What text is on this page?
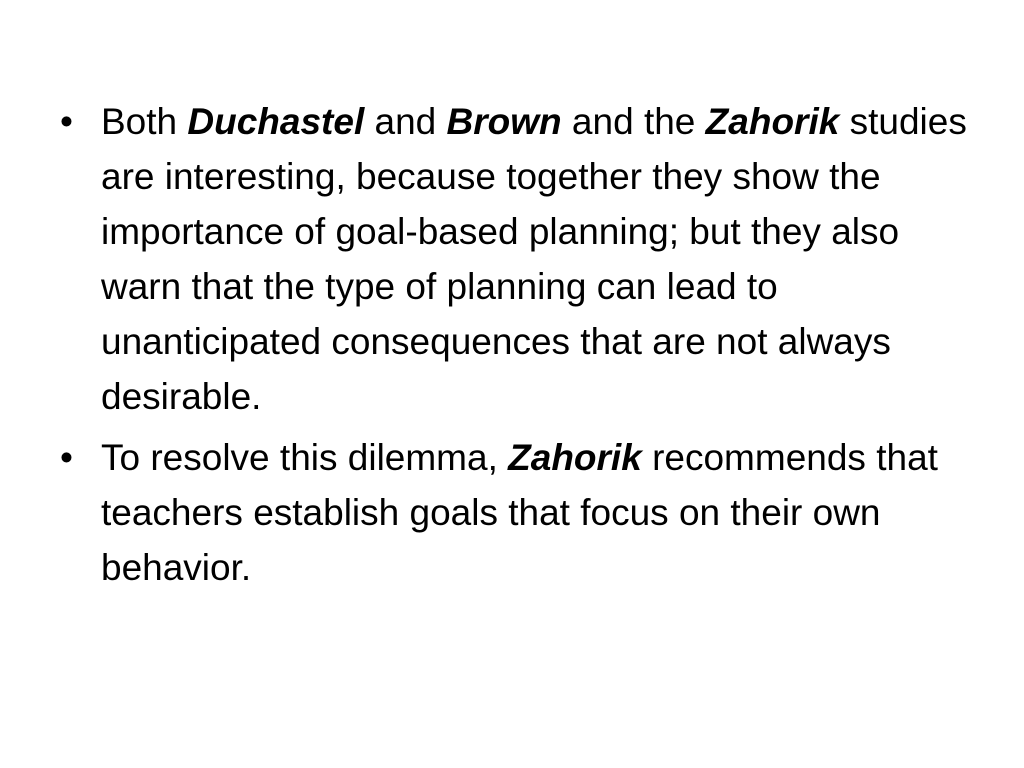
• Both Duchastel and Brown and the Zahorik studies are interesting, because together they show the importance of goal-based planning; but they also warn that the type of planning can lead to unanticipated consequences that are not always desirable.
• To resolve this dilemma, Zahorik recommends that teachers establish goals that focus on their own behavior.
